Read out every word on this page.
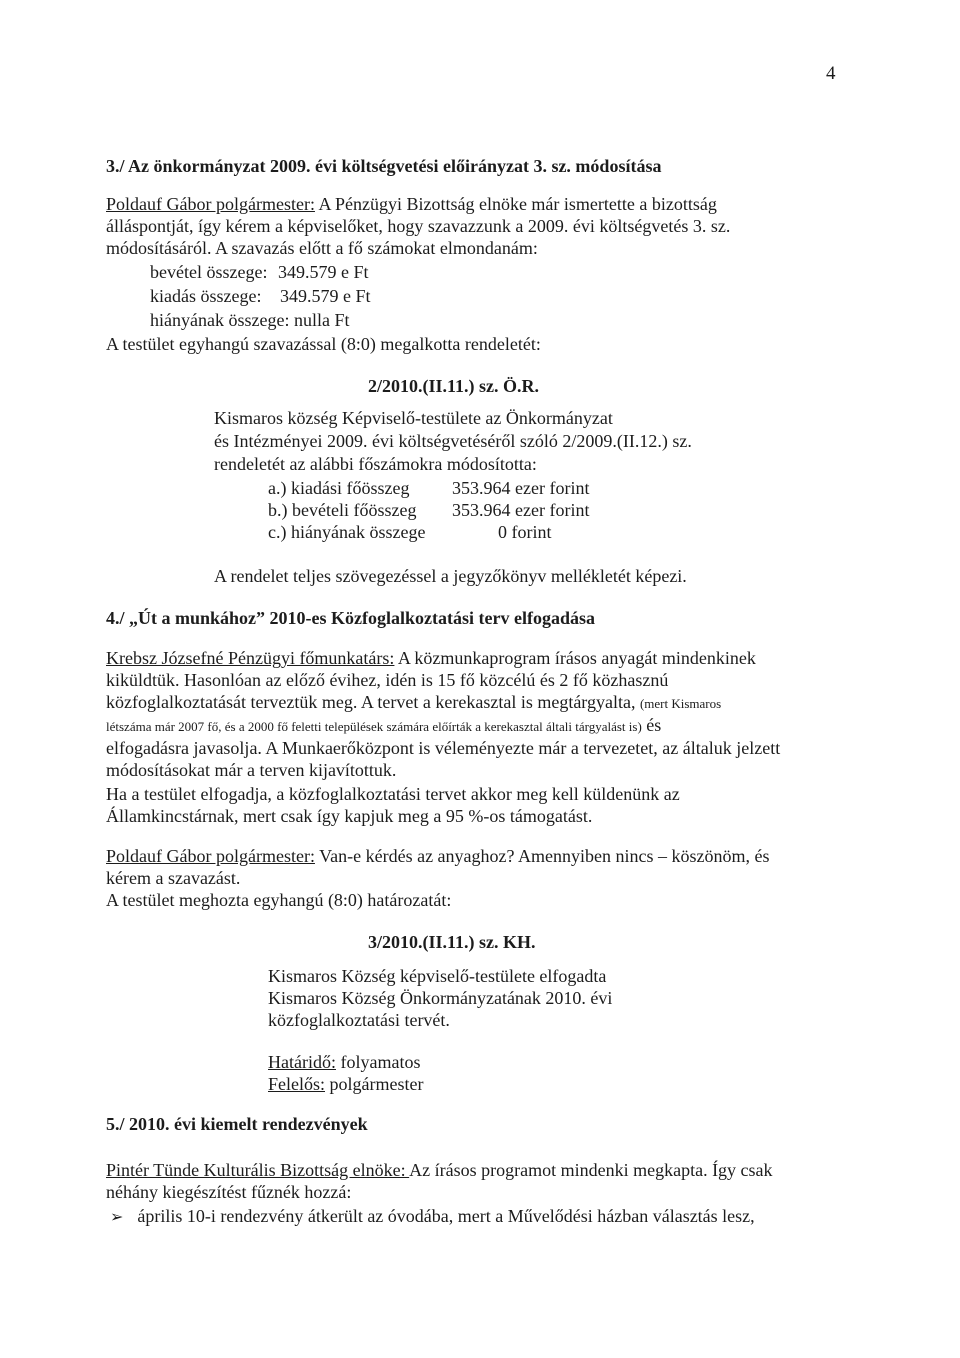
4
3./ Az önkormányzat 2009. évi költségvetési előirányzat 3. sz. módosítása
Poldauf Gábor polgármester: A Pénzügyi Bizottság elnöke már ismertette a bizottság
álláspontját, így kérem a képviselőket, hogy szavazzunk a 2009. évi költségvetés 3. sz.
módosításáról. A szavazás előtt a fő számokat elmondanám:
bevétel összege: 349.579 e Ft
kiadás összege: 349.579 e Ft
hiányának összege: nulla Ft
A testület egyhangú szavazással (8:0) megalkotta rendeletét:
2/2010.(II.11.) sz. Ö.R.
Kismaros község Képviselő-testülete az Önkormányzat
és Intézményei 2009. évi költségvetéséről szóló 2/2009.(II.12.) sz.
rendeletét az alábbi főszámokra módosította:
a.) kiadási főösszeg 353.964 ezer forint
b.) bevételi főösszeg 353.964 ezer forint
c.) hiányának összege	0 forint
A rendelet teljes szövegezéssel a jegyzőkönyv mellékletét képezi.
4./ „Út a munkához” 2010-es Közfoglalkoztatási terv elfogadása
Krebsz Józsefné Pénzügyi főmunkatárs: A közmunkaprogram írásos anyagát mindenkinek
kiküldtük. Hasonlóan az előző évihez, idén is 15 fő közcélú és 2 fő közhasznú
közfoglalkoztatását terveztük meg. A tervet a kerekasztal is megtárgyalta, (mert Kismaros
létszáma már 2007 fő, és a 2000 fő feletti települések számára előírták a kerekasztal általi tárgyalást is) és
elfogadásra javasolja. A Munkaerőközpont is véleményezte már a tervezetet, az általuk jelzett
módosításokat már a terven kijavítottuk.
Ha a testület elfogadja, a közfoglalkoztatási tervet akkor meg kell küldenünk az
Államkincstárnak, mert csak így kapjuk meg a 95 %-os támogatást.
Poldauf Gábor polgármester: Van-e kérdés az anyaghoz? Amennyiben nincs – köszönöm, és
kérem a szavazást.
A testület meghozta egyhangú (8:0) határozatát:
3/2010.(II.11.) sz. KH.
Kismaros Község képviselő-testülete elfogadta
Kismaros Község Önkormányzatának 2010. évi
közfoglalkoztatási tervét.
Határidő: folyamatos
Felelős: polgármester
5./ 2010. évi kiemelt rendezvények
Pintér Tünde Kulturális Bizottság elnöke: Az írásos programot mindenki megkapta. Így csak
néhány kiegészítést fűznék hozzá:
➢ április 10-i rendezvény átkerült az óvodába, mert a Művelődési házban választás lesz,
